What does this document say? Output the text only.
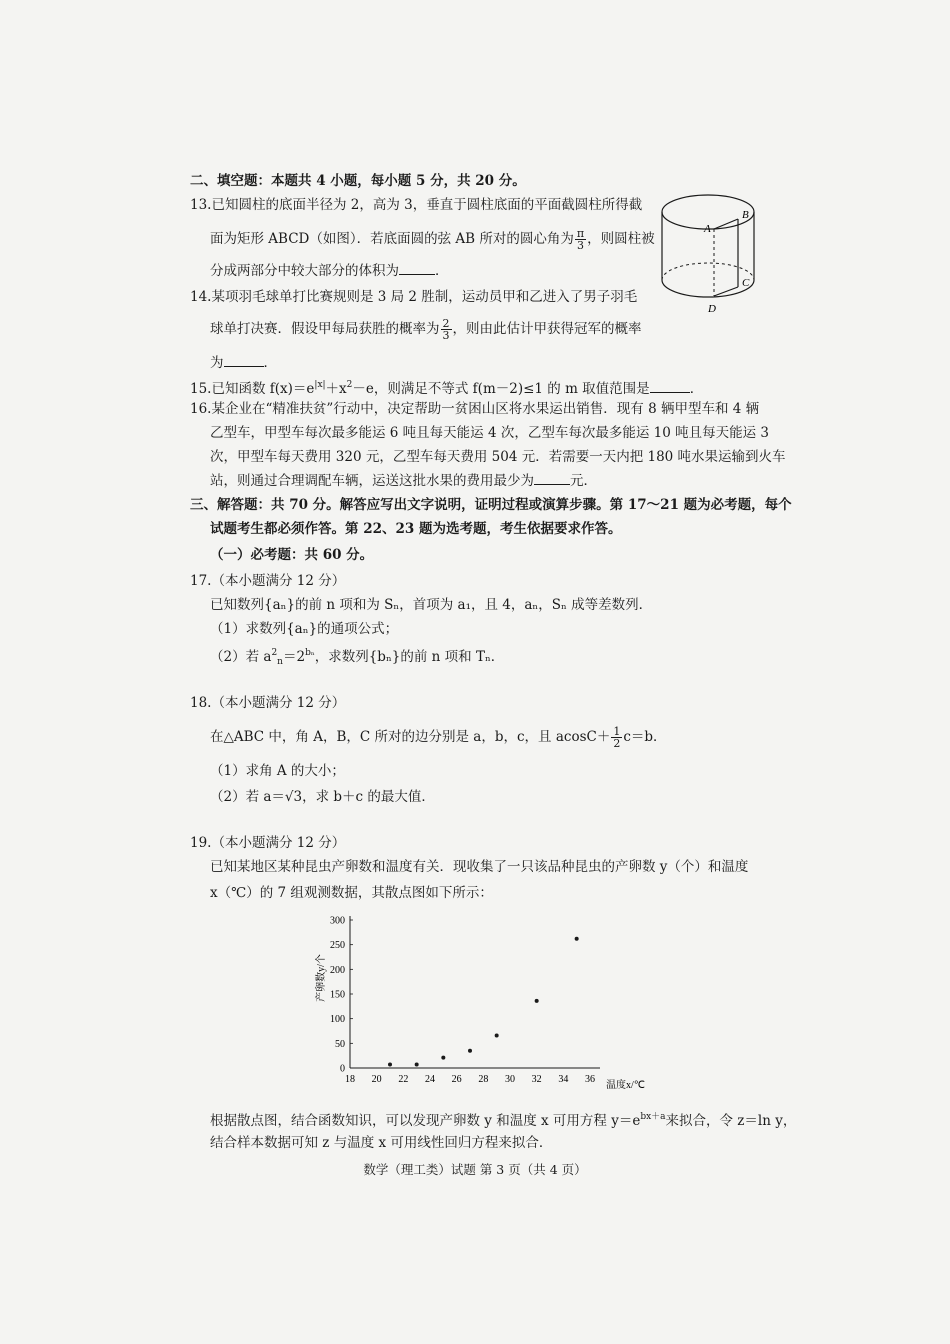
二、填空题：本题共 4 小题，每小题 5 分，共 20 分。
13.已知圆柱的底面半径为 2，高为 3，垂直于圆柱底面的平面截圆柱所得截
面为矩形 ABCD（如图）．若底面圆的弦 AB 所对的圆心角为 $\frac{\pi}{3}$ ，则圆柱被
分成两部分中较大部分的体积为	．
14.某项羽毛球单打比赛规则是 3 局 2 胜制，运动员甲和乙进入了男子羽毛
球单打决赛．假设甲每局获胜的概率为 $\frac{2}{3}$ ，则由此估计甲获得冠军的概率
为	．
15.已知函数 $f(x)=e^{|x|}+x^2-e$，则满足不等式 f(m－2)≤1 的 m 取值范围是	．
16.某企业在“精准扶贫”行动中，决定帮助一贫困山区将水果运出销售．现有 8 辆甲型车和 4 辆
乙型车，甲型车每次最多能运 6 吨且每天能运 4 次，乙型车每次最多能运 10 吨且每天能运 3
次，甲型车每天费用 320 元，乙型车每天费用 504 元．若需要一天内把 180 吨水果运输到火车
站，则通过合理调配车辆，运送这批水果的费用最少为	元．
三、解答题：共 70 分。解答应写出文字说明，证明过程或演算步骤。第 17～21 题为必考题，每个
试题考生都必须作答。第 22、23 题为选考题，考生依据要求作答。
（一）必考题：共 60 分。
17.（本小题满分 12 分）
已知数列{aₙ}的前 n 项和为 Sₙ，首项为 a₁，且 4，aₙ，Sₙ 成等差数列．
（1）求数列{aₙ}的通项公式；
（2）若 $a^2_n=2^{b_n}$，求数列{bₙ}的前 n 项和 Tₙ．
18.（本小题满分 12 分）
在△ABC 中，角 A，B，C 所对的边分别是 a，b，c，且 $acosC+ \frac{1}{2} c=b$．
（1）求角 A 的大小；
（2）若 a＝√3，求 b＋c 的最大值．
19.（本小题满分 12 分）
已知某地区某种昆虫产卵数和温度有关．现收集了一只该品种昆虫的产卵数 y（个）和温度
x（℃）的 7 组观测数据，其散点图如下所示：
A
B
C
D
0
50
100
150
200
250
300
18 20 22 24 26 28 30 32 34 36
产卵数y/个
温度x/℃
根据散点图，结合函数知识，可以发现产卵数 y 和温度 x 可用方程 $y=e^{bx+a}$来拟合，令 z＝ln y，
结合样本数据可知 z 与温度 x 可用线性回归方程来拟合．
数学（理工类）试题 第 3 页（共 4 页）
